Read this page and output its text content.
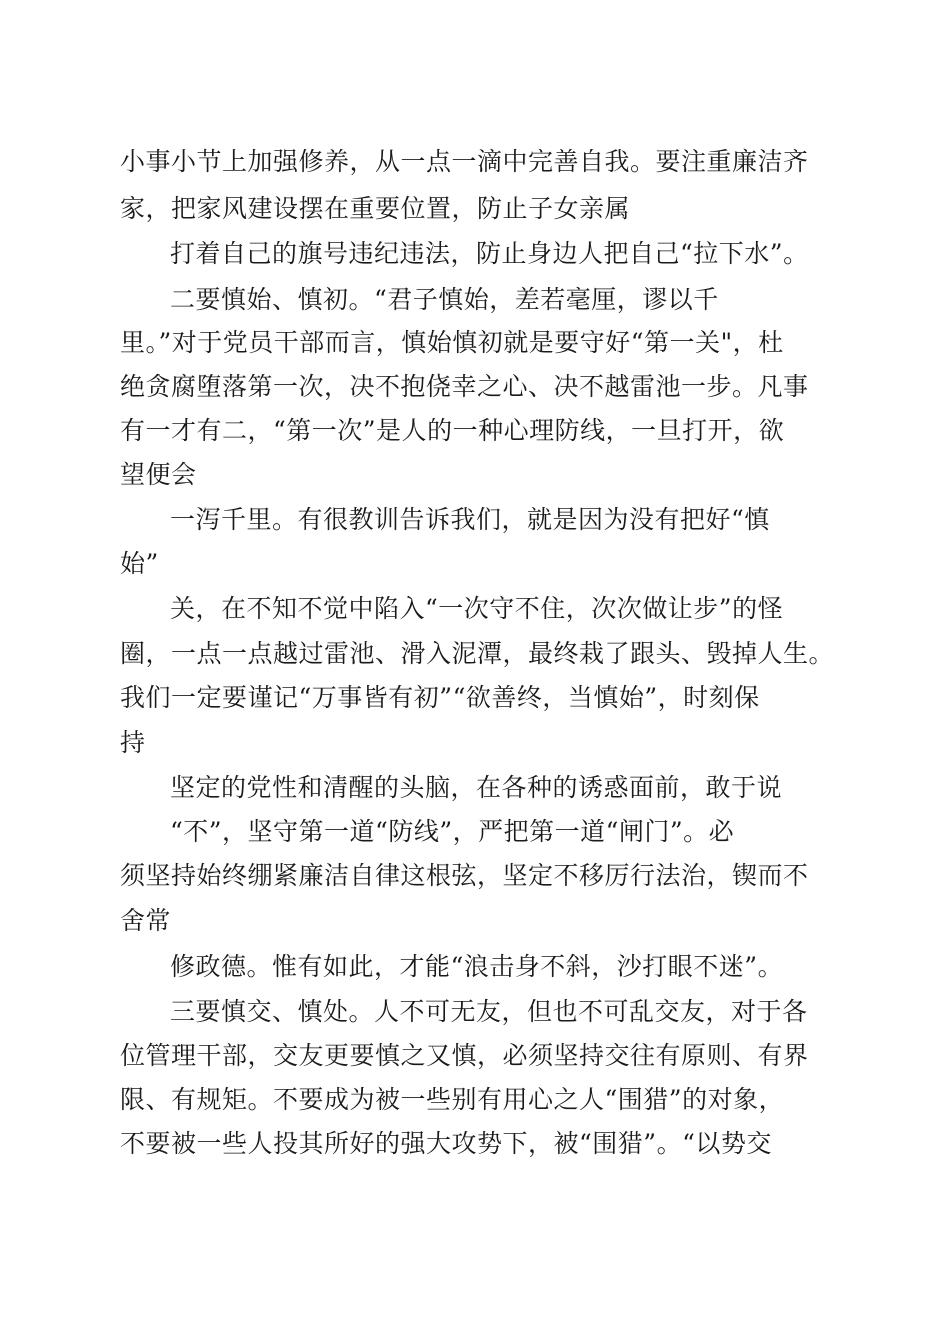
小事小节上加强修养，从一点一滴中完善自我。要注重廉洁齐
家，把家风建设摆在重要位置，防止子女亲属
打着自己的旗号违纪违法，防止身边人把自己“拉下水”。
二要慎始、慎初。“君子慎始，差若毫厘，谬以千
里。”对于党员干部而言，慎始慎初就是要守好“第一关"，杜
绝贪腐堕落第一次，决不抱侥幸之心、决不越雷池一步。凡事
有一才有二，“第一次”是人的一种心理防线，一旦打开，欲
望便会
一泻千里。有很教训告诉我们，就是因为没有把好“慎
始”
关，在不知不觉中陷入“一次守不住，次次做让步”的怪
圈，一点一点越过雷池、滑入泥潭，最终栽了跟头、毁掉人生。
我们一定要谨记“万事皆有初”“欲善终，当慎始”，时刻保
持
坚定的党性和清醒的头脑，在各种的诱惑面前，敢于说
“不”，坚守第一道“防线”，严把第一道“闸门”。必
须坚持始终绷紧廉洁自律这根弦，坚定不移厉行法治，锲而不
舍常
修政德。惟有如此，才能“浪击身不斜，沙打眼不迷”。
三要慎交、慎处。人不可无友，但也不可乱交友，对于各
位管理干部，交友更要慎之又慎，必须坚持交往有原则、有界
限、有规矩。不要成为被一些别有用心之人“围猎”的对象，
不要被一些人投其所好的强大攻势下，被“围猎”。“以势交
